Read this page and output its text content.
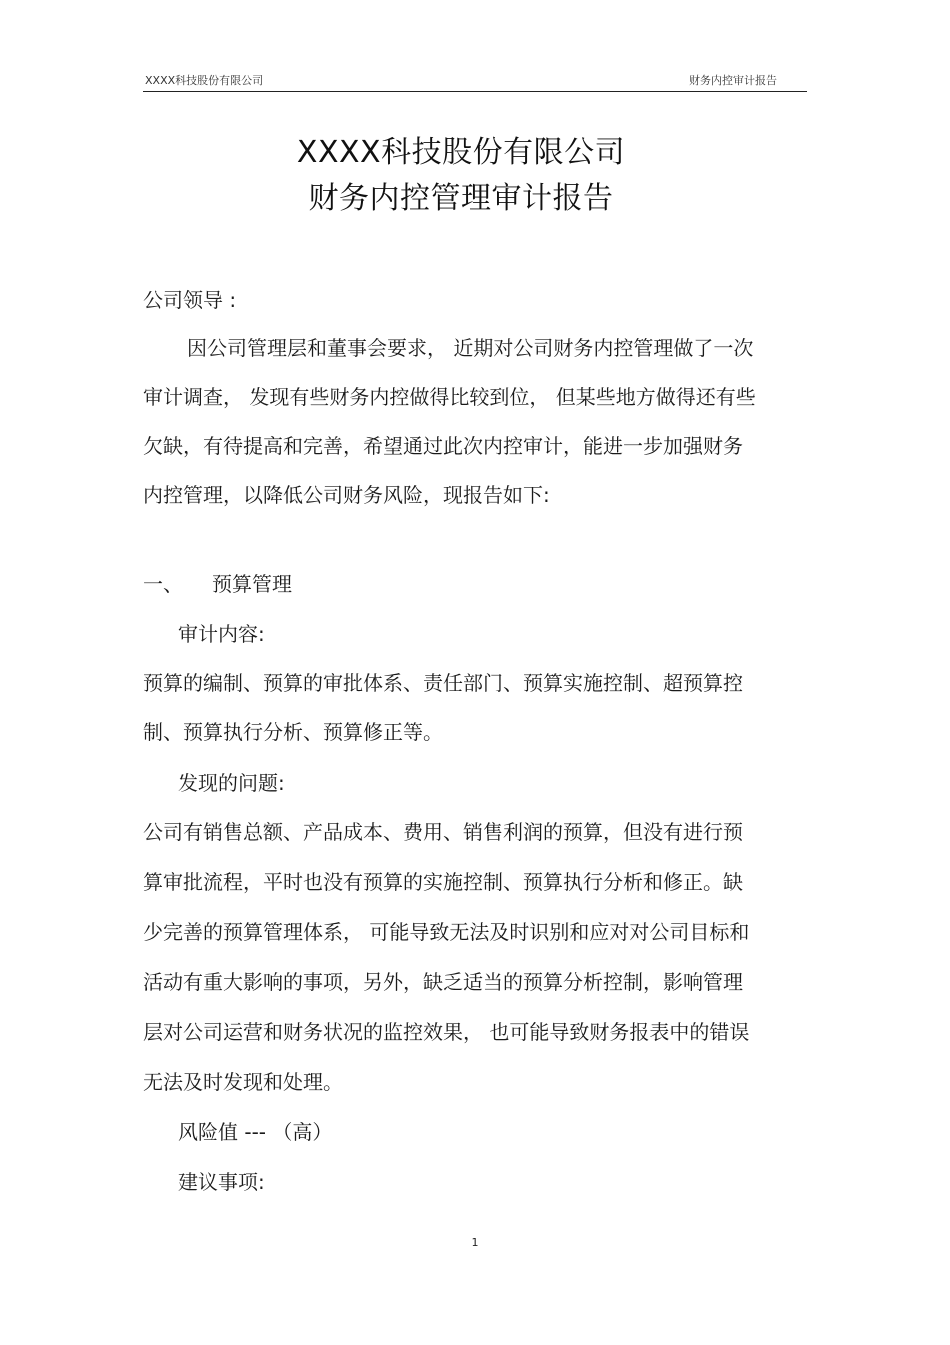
XXXX科技股份有限公司	财务内控审计报告
XXXX科技股份有限公司
财务内控管理审计报告
公司领导 :
因公司管理层和董事会要求， 近期对公司财务内控管理做了一次
审计调查， 发现有些财务内控做得比较到位， 但某些地方做得还有些
欠缺，有待提高和完善，希望通过此次内控审计，能进一步加强财务
内控管理，以降低公司财务风险，现报告如下:
一、 预算管理
审计内容:
预算的编制、预算的审批体系、责任部门、预算实施控制、超预算控
制、预算执行分析、预算修正等。
发现的问题:
公司有销售总额、产品成本、费用、销售利润的预算，但没有进行预
算审批流程，平时也没有预算的实施控制、预算执行分析和修正。缺
少完善的预算管理体系， 可能导致无法及时识别和应对对公司目标和
活动有重大影响的事项，另外，缺乏适当的预算分析控制，影响管理
层对公司运营和财务状况的监控效果， 也可能导致财务报表中的错误
无法及时发现和处理。
风险值 --- （高）
建议事项:
1
